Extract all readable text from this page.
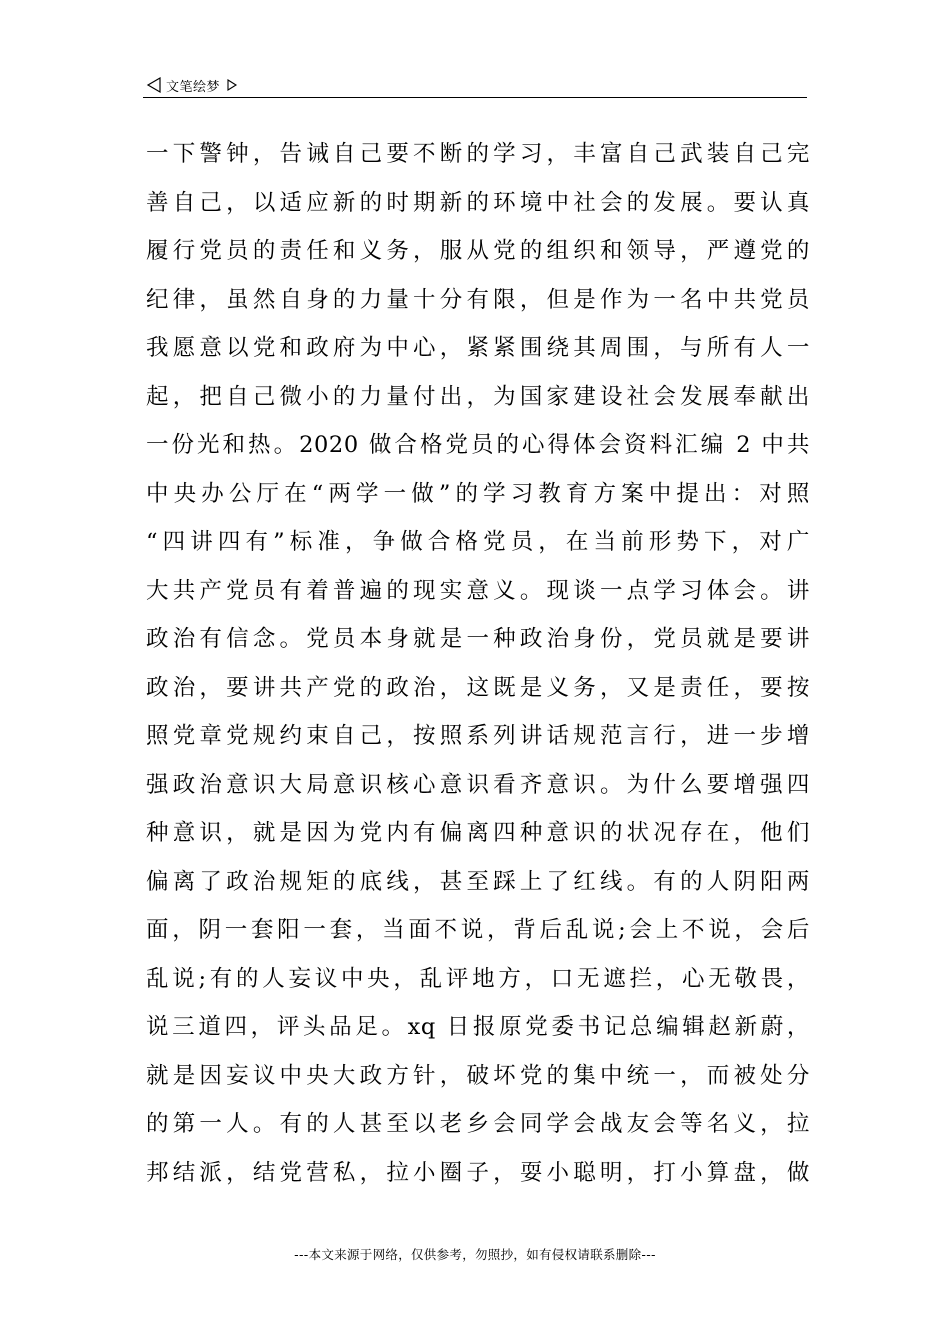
文笔绘梦
一下警钟，告诫自己要不断的学习，丰富自己武装自己完
善自己，以适应新的时期新的环境中社会的发展。要认真
履行党员的责任和义务，服从党的组织和领导，严遵党的
纪律，虽然自身的力量十分有限，但是作为一名中共党员
我愿意以党和政府为中心，紧紧围绕其周围，与所有人一
起，把自己微小的力量付出，为国家建设社会发展奉献出
一份光和热。2020 做合格党员的心得体会资料汇编 2 中共
中央办公厅在“两学一做”的学习教育方案中提出：对照
“四讲四有”标准，争做合格党员，在当前形势下，对广
大共产党员有着普遍的现实意义。现谈一点学习体会。讲
政治有信念。党员本身就是一种政治身份，党员就是要讲
政治，要讲共产党的政治，这既是义务，又是责任，要按
照党章党规约束自己，按照系列讲话规范言行，进一步增
强政治意识大局意识核心意识看齐意识。为什么要增强四
种意识，就是因为党内有偏离四种意识的状况存在，他们
偏离了政治规矩的底线，甚至踩上了红线。有的人阴阳两
面，阴一套阳一套，当面不说，背后乱说;会上不说，会后
乱说;有的人妄议中央，乱评地方，口无遮拦，心无敬畏，
说三道四，评头品足。xq 日报原党委书记总编辑赵新蔚，
就是因妄议中央大政方针，破坏党的集中统一，而被处分
的第一人。有的人甚至以老乡会同学会战友会等名义，拉
邦结派，结党营私，拉小圈子，耍小聪明，打小算盘，做
---本文来源于网络，仅供参考，勿照抄，如有侵权请联系删除---
